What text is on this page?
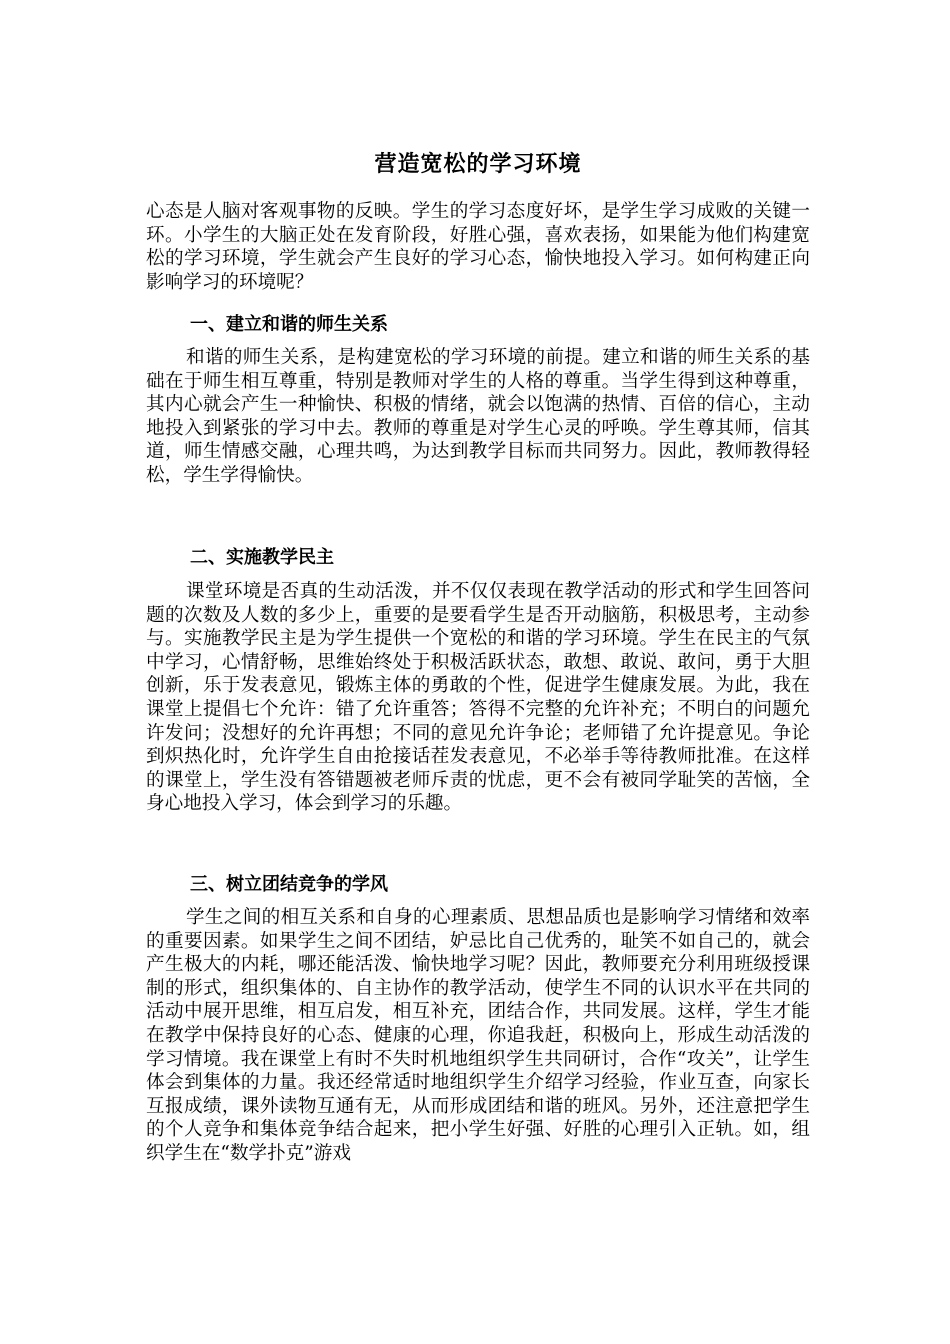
营造宽松的学习环境

心态是人脑对客观事物的反映。学生的学习态度好坏，是学生学习成败的关键一环。小学生的大脑正处在发育阶段，好胜心强，喜欢表扬，如果能为他们构建宽松的学习环境，学生就会产生良好的学习心态，愉快地投入学习。如何构建正向影响学习的环境呢？

一、建立和谐的师生关系

和谐的师生关系，是构建宽松的学习环境的前提。建立和谐的师生关系的基础在于师生相互尊重，特别是教师对学生的人格的尊重。当学生得到这种尊重，其内心就会产生一种愉快、积极的情绪，就会以饱满的热情、百倍的信心，主动地投入到紧张的学习中去。教师的尊重是对学生心灵的呼唤。学生尊其师，信其道，师生情感交融，心理共鸣，为达到教学目标而共同努力。因此，教师教得轻松，学生学得愉快。

二、实施教学民主

课堂环境是否真的生动活泼，并不仅仅表现在教学活动的形式和学生回答问题的次数及人数的多少上，重要的是要看学生是否开动脑筋，积极思考，主动参与。实施教学民主是为学生提供一个宽松的和谐的学习环境。学生在民主的气氛中学习，心情舒畅，思维始终处于积极活跃状态，敢想、敢说、敢问，勇于大胆创新，乐于发表意见，锻炼主体的勇敢的个性，促进学生健康发展。为此，我在课堂上提倡七个允许：错了允许重答；答得不完整的允许补充；不明白的问题允许发问；没想好的允许再想；不同的意见允许争论；老师错了允许提意见。争论到炽热化时，允许学生自由抢接话茬发表意见，不必举手等待教师批准。在这样的课堂上，学生没有答错题被老师斥责的忧虑，更不会有被同学耻笑的苦恼，全身心地投入学习，体会到学习的乐趣。

三、树立团结竞争的学风

学生之间的相互关系和自身的心理素质、思想品质也是影响学习情绪和效率的重要因素。如果学生之间不团结，妒忌比自己优秀的，耻笑不如自己的，就会产生极大的内耗，哪还能活泼、愉快地学习呢？因此，教师要充分利用班级授课制的形式，组织集体的、自主协作的教学活动，使学生不同的认识水平在共同的活动中展开思维，相互启发，相互补充，团结合作，共同发展。这样，学生才能在教学中保持良好的心态、健康的心理，你追我赶，积极向上，形成生动活泼的学习情境。我在课堂上有时不失时机地组织学生共同研讨，合作“攻关”，让学生体会到集体的力量。我还经常适时地组织学生介绍学习经验，作业互查，向家长互报成绩，课外读物互通有无，从而形成团结和谐的班风。另外，还注意把学生的个人竞争和集体竞争结合起来，把小学生好强、好胜的心理引入正轨。如，组织学生在“数学扑克”游戏
